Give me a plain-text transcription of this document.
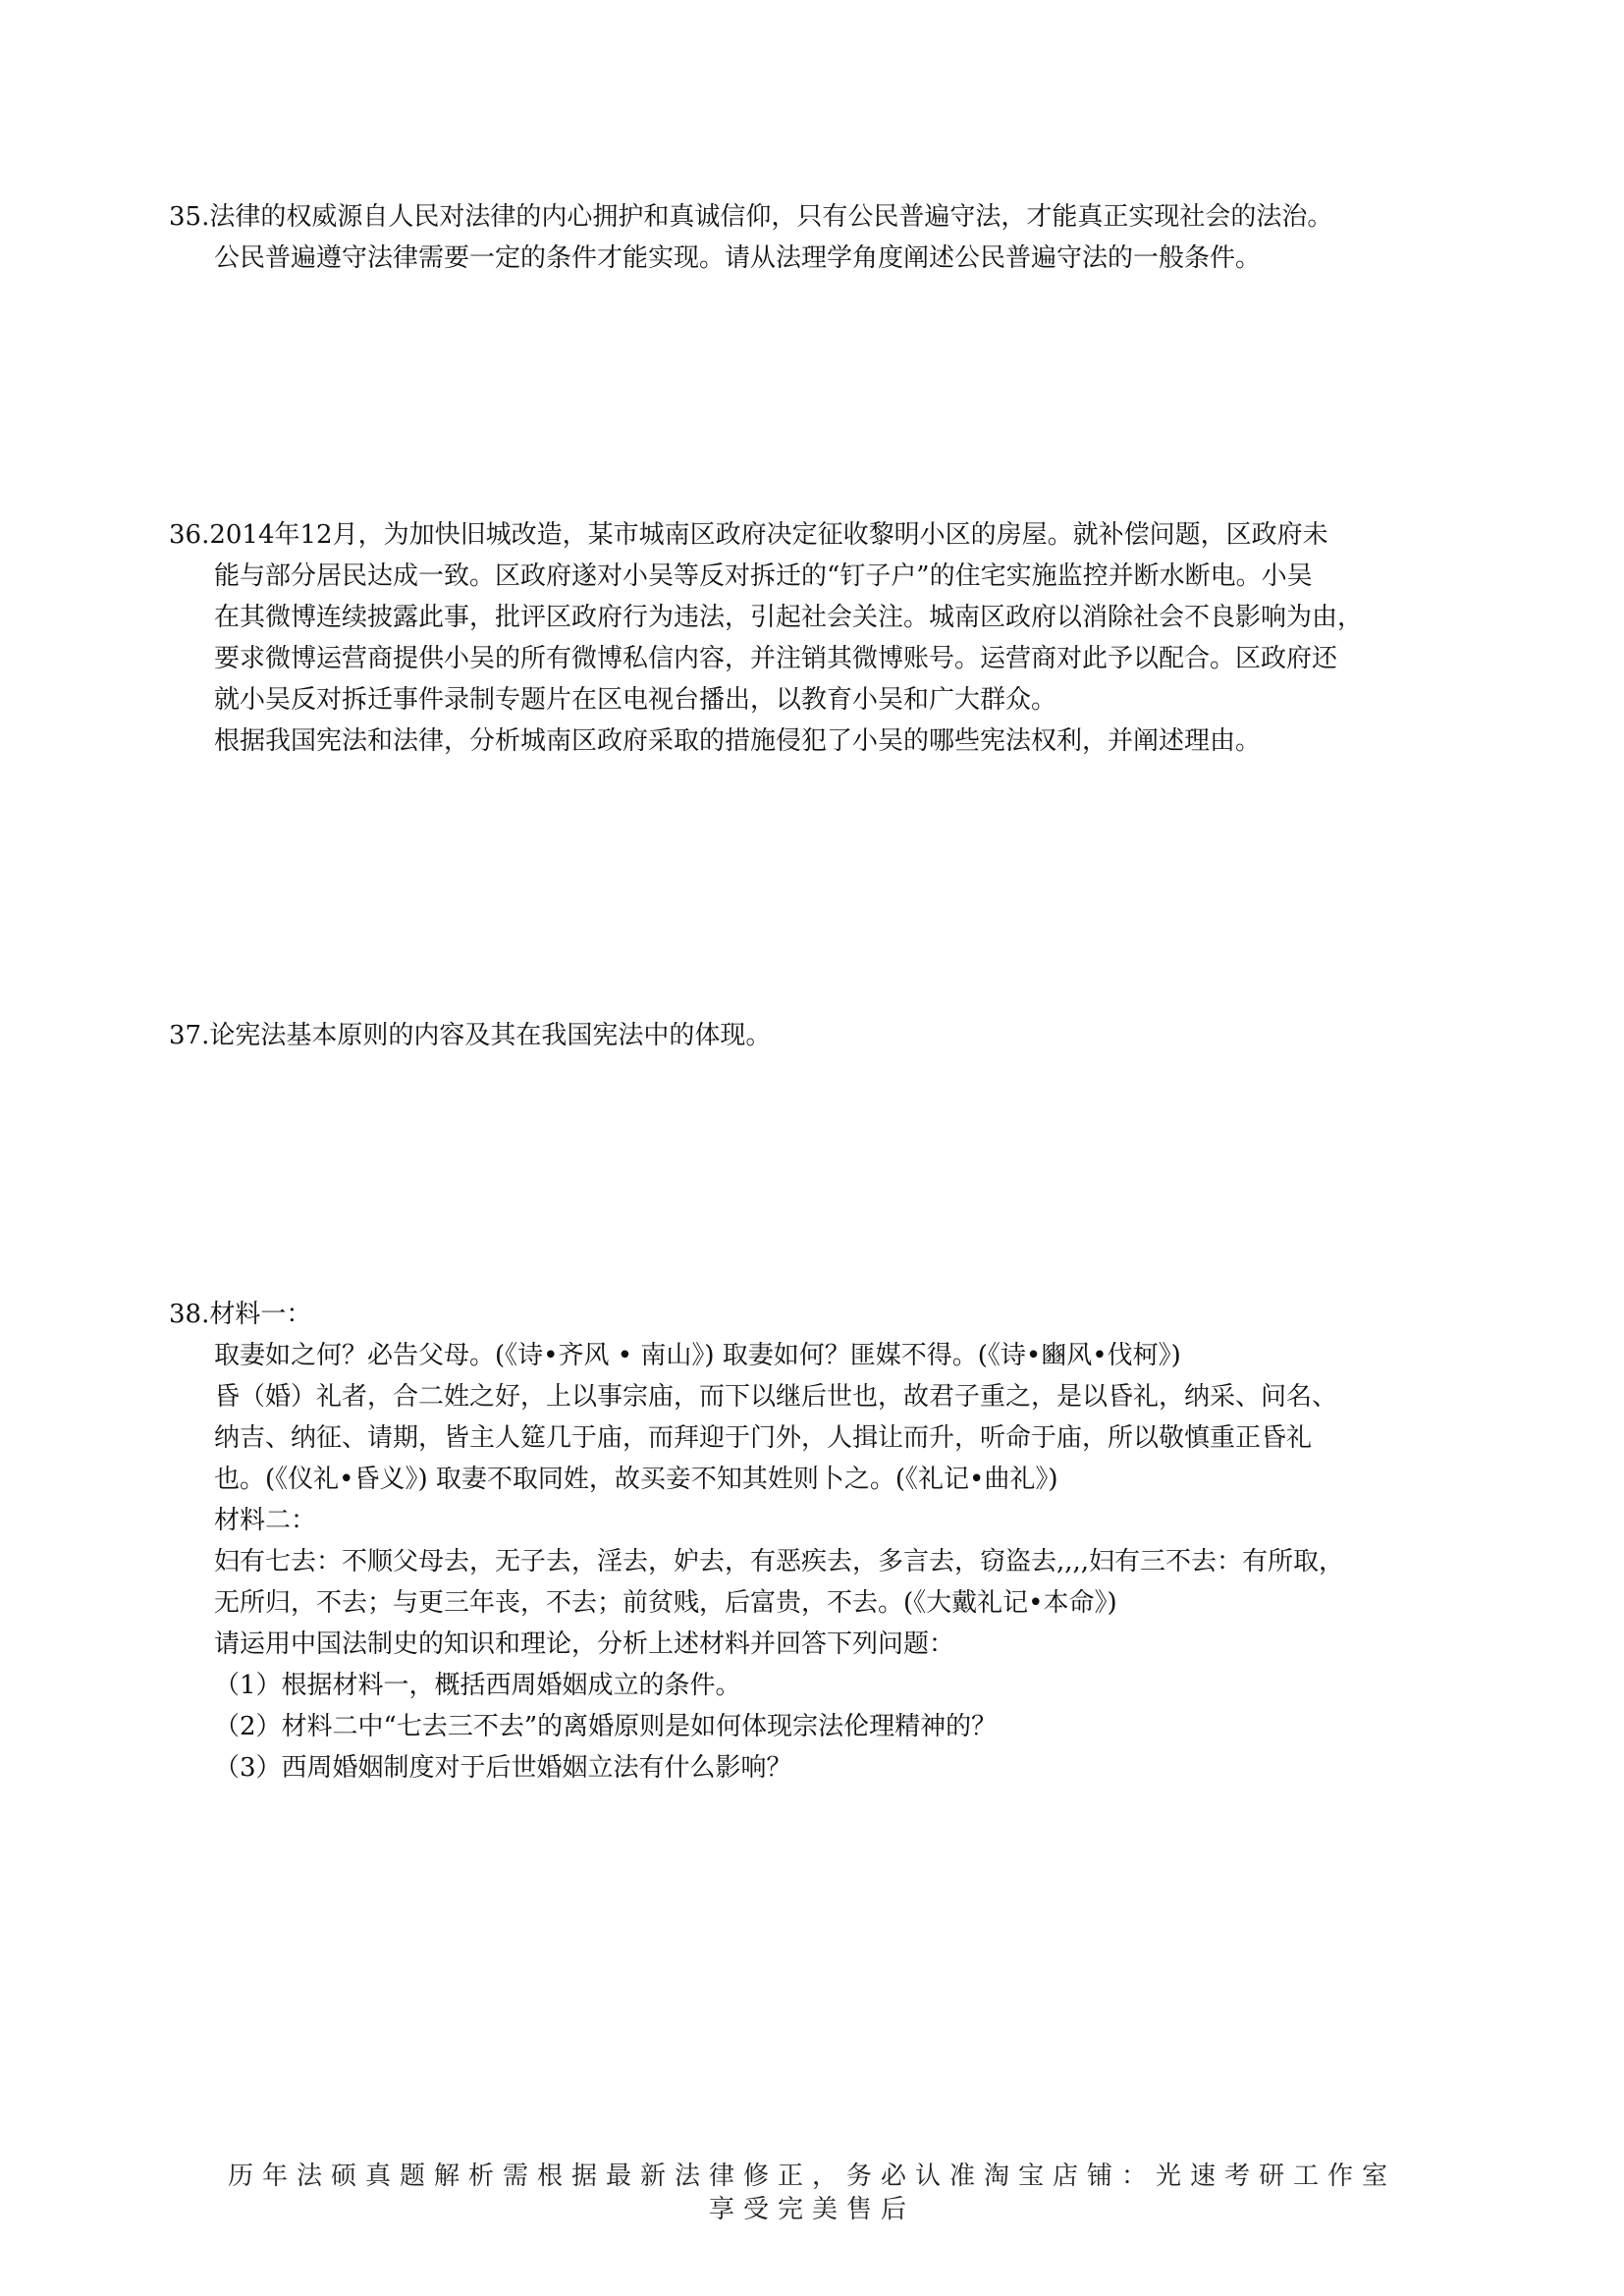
35.法律的权威源自人民对法律的内心拥护和真诚信仰，只有公民普遍守法，才能真正实现社会的法治。
公民普遍遵守法律需要一定的条件才能实现。请从法理学角度阐述公民普遍守法的一般条件。
36.2014年12月，为加快旧城改造，某市城南区政府决定征收黎明小区的房屋。就补偿问题，区政府未
能与部分居民达成一致。区政府遂对小吴等反对拆迁的“钉子户”的住宅实施监控并断水断电。小吴
在其微博连续披露此事，批评区政府行为违法，引起社会关注。城南区政府以消除社会不良影响为由，
要求微博运营商提供小吴的所有微博私信内容，并注销其微博账号。运营商对此予以配合。区政府还
就小吴反对拆迁事件录制专题片在区电视台播出，以教育小吴和广大群众。
根据我国宪法和法律，分析城南区政府采取的措施侵犯了小吴的哪些宪法权利，并阐述理由。
37.论宪法基本原则的内容及其在我国宪法中的体现。
38.材料一：
取妻如之何？必告父母。(《诗•齐风 • 南山》) 取妻如何？匪媒不得。(《诗•豳风•伐柯》)
昏（婚）礼者，合二姓之好，上以事宗庙，而下以继后世也，故君子重之，是以昏礼，纳采、问名、
纳吉、纳征、请期，皆主人筵几于庙，而拜迎于门外，人揖让而升，听命于庙，所以敬慎重正昏礼
也。(《仪礼•昏义》) 取妻不取同姓，故买妾不知其姓则卜之。(《礼记•曲礼》)
材料二：
妇有七去：不顺父母去，无子去，淫去，妒去，有恶疾去，多言去，窃盗去,,,,妇有三不去：有所取，
无所归，不去；与更三年丧，不去；前贫贱，后富贵，不去。(《大戴礼记•本命》)
请运用中国法制史的知识和理论，分析上述材料并回答下列问题：
（1）根据材料一，概括西周婚姻成立的条件。
（2）材料二中“七去三不去”的离婚原则是如何体现宗法伦理精神的？
（3）西周婚姻制度对于后世婚姻立法有什么影响？
历年法硕真题解析需根据最新法律修正，务必认准淘宝店铺：光速考研工作室
享受完美售后
